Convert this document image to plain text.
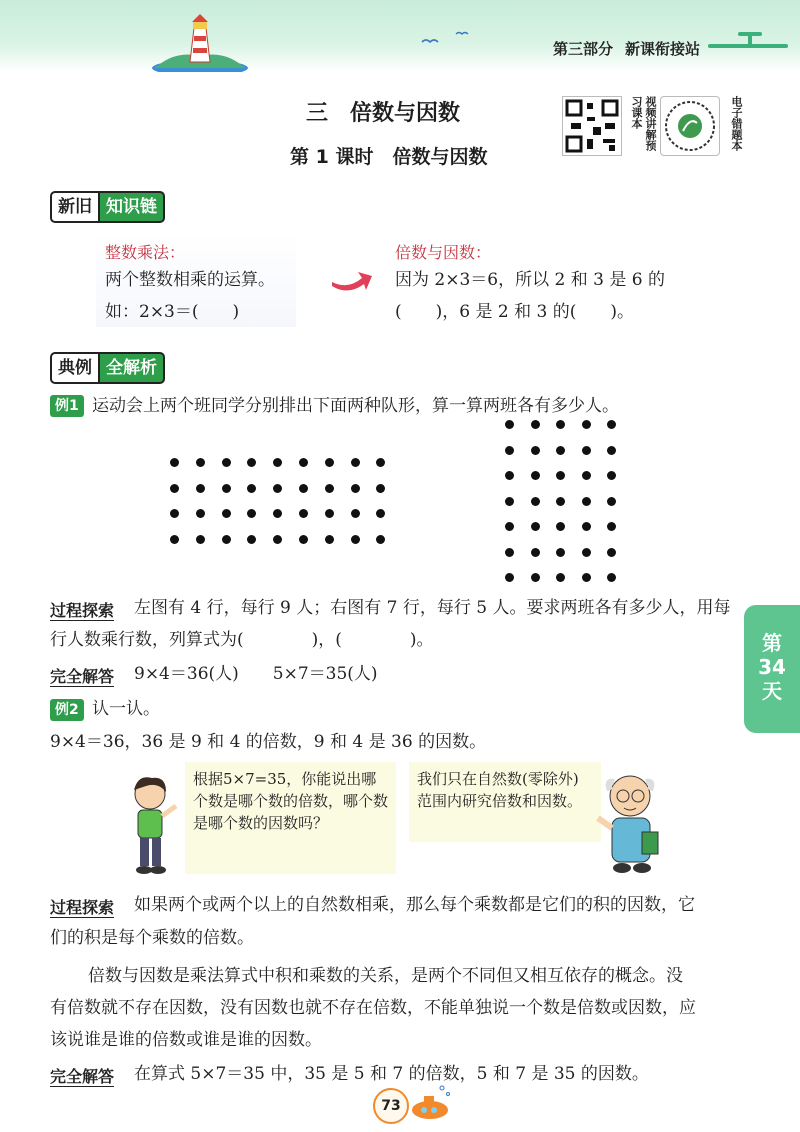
第三部分 新课衔接站
三　倍数与因数
第 1 课时　倍数与因数
视频讲解预习课本	电子错题本
新旧 知识链
整数乘法：
两个整数相乘的运算。
如：2×3＝(　　)
倍数与因数：
因为 2×3＝6，所以 2 和 3 是 6 的
(　　)，6 是 2 和 3 的(　　)。
典例 全解析
例1 运动会上两个班同学分别排出下面两种队形，算一算两班各有多少人。
过程探索 左图有 4 行，每行 9 人；右图有 7 行，每行 5 人。要求两班各有多少人，用每
行人数乘行数，列算式为(　　　　)，(　　　　)。
完全解答 9×4＝36(人)　　5×7＝35(人)
例2 认一认。
9×4＝36，36 是 9 和 4 的倍数，9 和 4 是 36 的因数。
根据5×7=35，你能说出哪个数是哪个数的倍数，哪个数是哪个数的因数吗？
我们只在自然数(零除外)范围内研究倍数和因数。
过程探索 如果两个或两个以上的自然数相乘，那么每个乘数都是它们的积的因数，它
们的积是每个乘数的倍数。
倍数与因数是乘法算式中积和乘数的关系，是两个不同但又相互依存的概念。没
有倍数就不存在因数，没有因数也就不存在倍数，不能单独说一个数是倍数或因数，应
该说谁是谁的倍数或谁是谁的因数。
完全解答 在算式 5×7＝35 中，35 是 5 和 7 的倍数，5 和 7 是 35 的因数。
第
34
天
73
